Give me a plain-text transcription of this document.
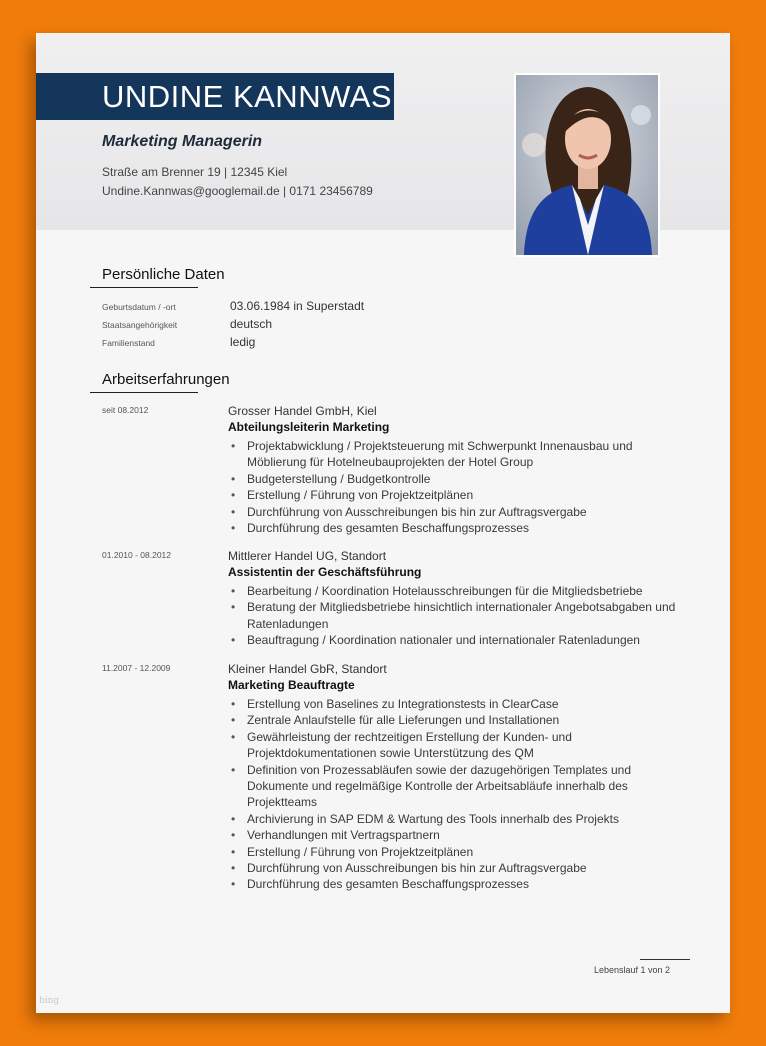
UNDINE KANNWAS
Marketing Managerin
Straße am Brenner 19 | 12345 Kiel
Undine.Kannwas@googlemail.de | 0171 23456789
Persönliche Daten
Geburtsdatum / -ort	03.06.1984 in Superstadt
Staatsangehörigkeit	deutsch
Familienstand	ledig
Arbeitserfahrungen
seit 08.2012	Grosser Handel GmbH, Kiel
Abteilungsleiterin Marketing
• Projektabwicklung / Projektsteuerung mit Schwerpunkt Innenausbau und Möblierung für Hotelneubauprojekten der Hotel Group
• Budgeterstellung / Budgetkontrolle
• Erstellung / Führung von Projektzeitplänen
• Durchführung von Ausschreibungen bis hin zur Auftragsvergabe
• Durchführung des gesamten Beschaffungsprozesses
01.2010 - 08.2012	Mittlerer Handel UG, Standort
Assistentin der Geschäftsführung
• Bearbeitung / Koordination Hotelausschreibungen für die Mitgliedsbetriebe
• Beratung der Mitgliedsbetriebe hinsichtlich internationaler Angebotsabgaben und Ratenladungen
• Beauftragung / Koordination nationaler und internationaler Ratenladungen
11.2007 - 12.2009	Kleiner Handel GbR, Standort
Marketing Beauftragte
• Erstellung von Baselines zu Integrationstests in ClearCase
• Zentrale Anlaufstelle für alle Lieferungen und Installationen
• Gewährleistung der rechtzeitigen Erstellung der Kunden- und Projektdokumentationen sowie Unterstützung des QM
• Definition von Prozessabläufen sowie der dazugehörigen Templates und Dokumente und regelmäßige Kontrolle der Arbeitsabläufe innerhalb des Projektteams
• Archivierung in SAP EDM & Wartung des Tools innerhalb des Projekts
• Verhandlungen mit Vertragspartnern
• Erstellung / Führung von Projektzeitplänen
• Durchführung von Ausschreibungen bis hin zur Auftragsvergabe
• Durchführung des gesamten Beschaffungsprozesses
Lebenslauf 1 von 2
bing
